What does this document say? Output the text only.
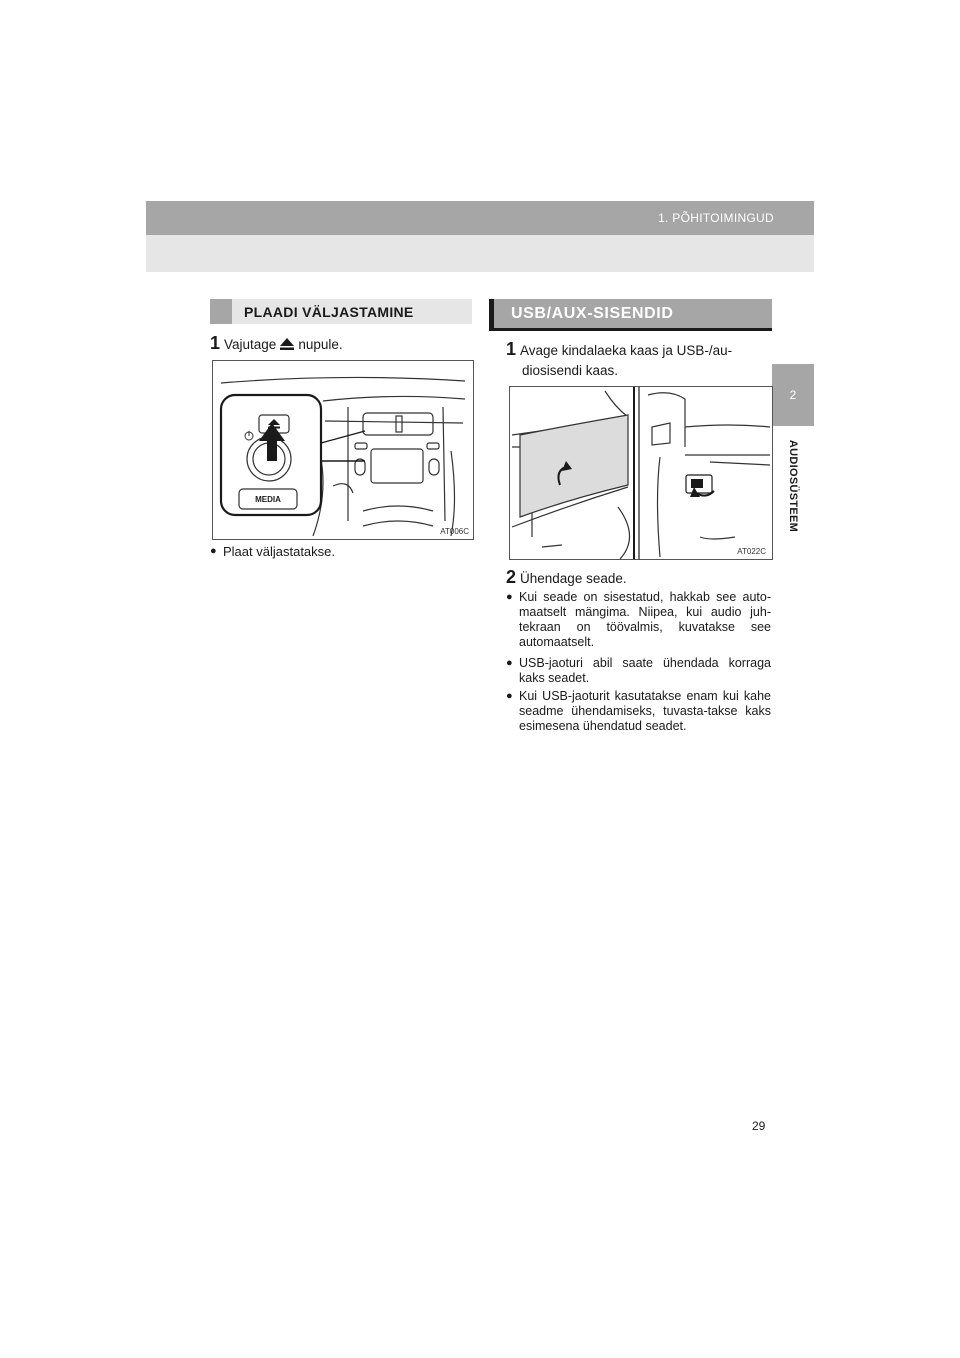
1. PÕHITOIMINGUD
2
AUDIOSÜSTEEM
PLAADI VÄLJASTAMINE
1 Vajutage nupule.
MEDIA
AT006C
● Plaat väljastatakse.
USB/AUX-SISENDID
1 Avage kindalaeka kaas ja USB-/au-
diosisendi kaas.
AT022C
2 Ühendage seade.
● Kui seade on sisestatud, hakkab see auto-maatselt mängima. Niipea, kui audio juh-tekraan on töövalmis, kuvatakse see automaatselt.
● USB-jaoturi abil saate ühendada korraga kaks seadet.
● Kui USB-jaoturit kasutatakse enam kui kahe seadme ühendamiseks, tuvasta-takse kaks esimesena ühendatud seadet.
29
